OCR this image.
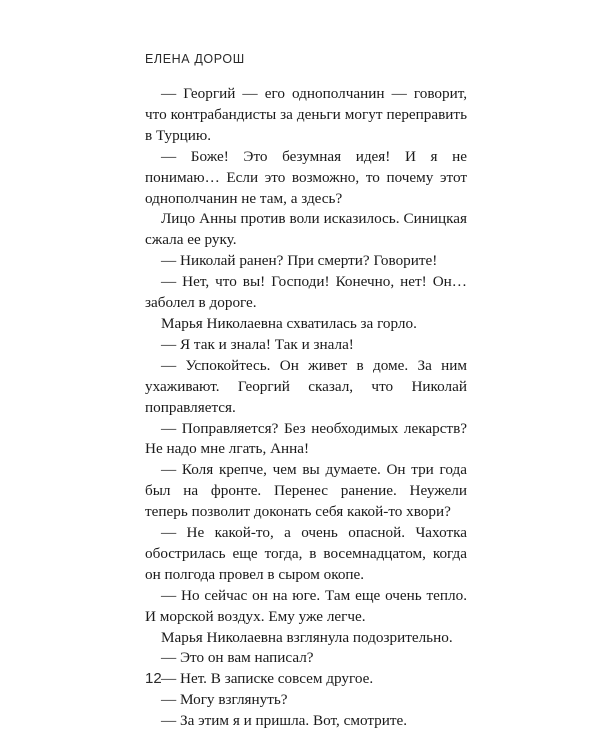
ЕЛЕНА ДОРОШ

— Георгий — его однополчанин — говорит, что контрабандисты за деньги могут переправить в Турцию.

— Боже! Это безумная идея! И я не понимаю… Если это возможно, то почему этот однополчанин не там, а здесь?

Лицо Анны против воли исказилось. Синицкая сжала ее руку.

— Николай ранен? При смерти? Говорите!

— Нет, что вы! Господи! Конечно, нет! Он… заболел в дороге.

Марья Николаевна схватилась за горло.

— Я так и знала! Так и знала!

— Успокойтесь. Он живет в доме. За ним ухаживают. Георгий сказал, что Николай поправляется.

— Поправляется? Без необходимых лекарств? Не надо мне лгать, Анна!

— Коля крепче, чем вы думаете. Он три года был на фронте. Перенес ранение. Неужели теперь позволит доконать себя какой-то хвори?

— Не какой-то, а очень опасной. Чахотка обострилась еще тогда, в восемнадцатом, когда он полгода провел в сыром окопе.

— Но сейчас он на юге. Там еще очень тепло. И морской воздух. Ему уже легче.

Марья Николаевна взглянула подозрительно.

— Это он вам написал?

— Нет. В записке совсем другое.

— Могу взглянуть?

— За этим я и пришла. Вот, смотрите.

12
